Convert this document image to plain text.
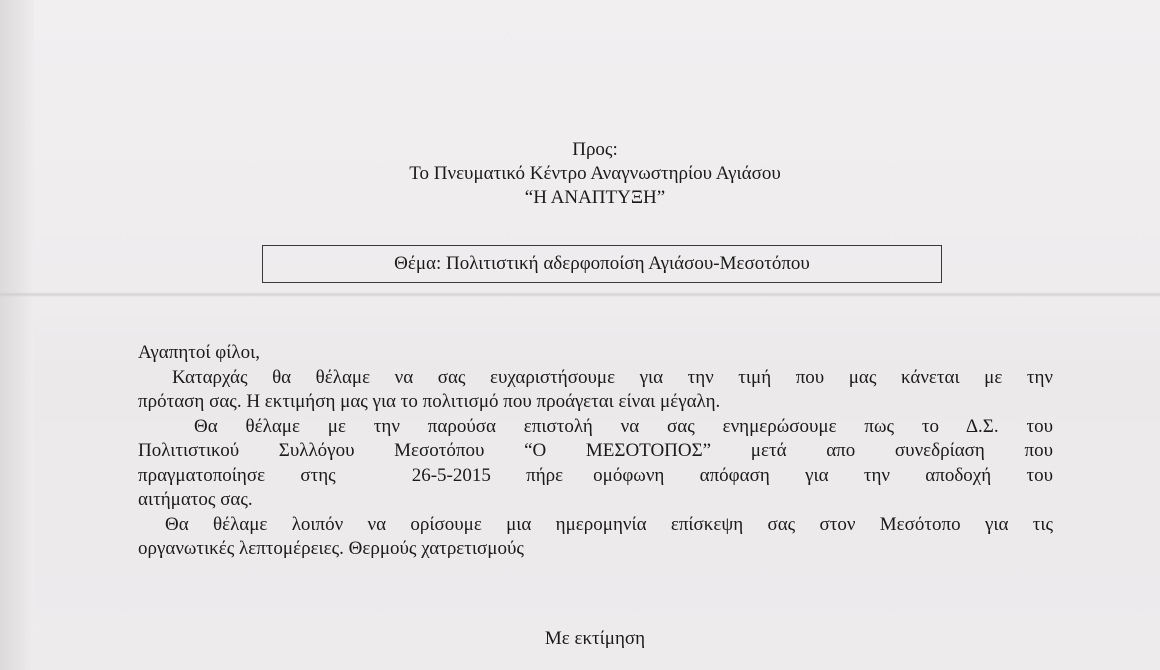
Προς:
Το Πνευματικό Κέντρο Αναγνωστηρίου Αγιάσου
“Η ΑΝΑΠΤΥΞΗ”
Θέμα: Πολιτιστική αδερφοποίση Αγιάσου-Μεσοτόπου
Αγαπητοί φίλοι,
Καταρχάς θα θέλαμε να σας ευχαριστήσουμε για την τιμή που μας κάνεται με την
πρόταση σας. Η εκτιμήση μας για το πολιτισμό που προάγεται είναι μέγαλη.
Θα θέλαμε με την παρούσα επιστολή να σας ενημερώσουμε πως το Δ.Σ. του
Πολιτιστικού Συλλόγου Μεσοτόπου “Ο ΜΕΣΟΤΟΠΟΣ” μετά απο συνεδρίαση που
πραγματοποίησε στης	26-5-2015 πήρε ομόφωνη απόφαση για την αποδοχή του
αιτήματος σας.
Θα θέλαμε λοιπόν να ορίσουμε μια ημερομηνία επίσκεψη σας στον Μεσότοπο για τις
οργανωτικές λεπτομέρειες. Θερμούς χατρετισμούς
Με εκτίμηση
